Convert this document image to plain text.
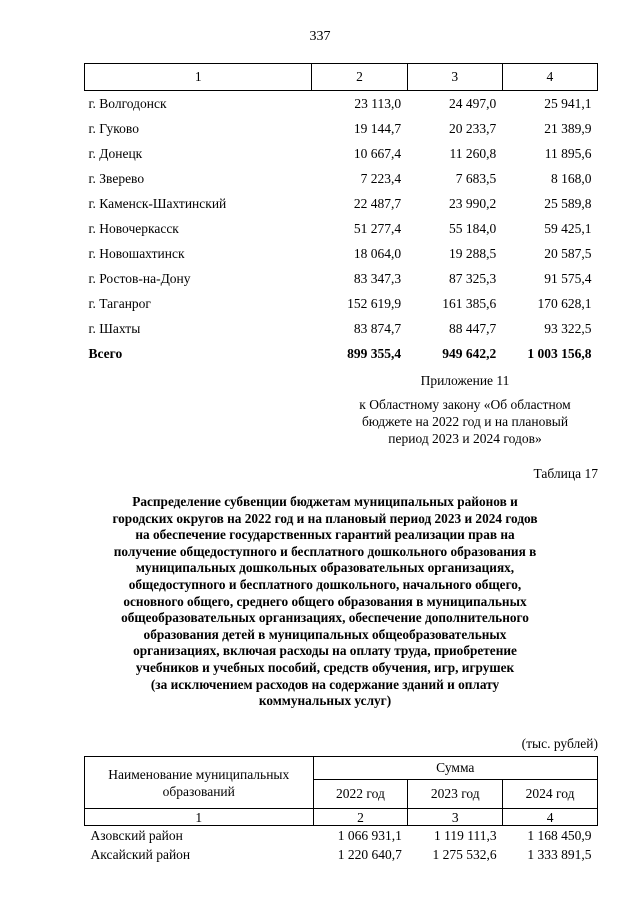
337
1	2	3	4
г. Волгодонск	23 113,0	24 497,0	25 941,1
г. Гуково	19 144,7	20 233,7	21 389,9
г. Донецк	10 667,4	11 260,8	11 895,6
г. Зверево	7 223,4	7 683,5	8 168,0
г. Каменск-Шахтинский	22 487,7	23 990,2	25 589,8
г. Новочеркасск	51 277,4	55 184,0	59 425,1
г. Новошахтинск	18 064,0	19 288,5	20 587,5
г. Ростов-на-Дону	83 347,3	87 325,3	91 575,4
г. Таганрог	152 619,9	161 385,6	170 628,1
г. Шахты	83 874,7	88 447,7	93 322,5
Всего	899 355,4	949 642,2	1 003 156,8
Приложение 11
к Областному закону «Об областном
бюджете на 2022 год и на плановый
период 2023 и 2024 годов»
Таблица 17
Распределение субвенции бюджетам муниципальных районов и
городских округов на 2022 год и на плановый период 2023 и 2024 годов
на обеспечение государственных гарантий реализации прав на
получение общедоступного и бесплатного дошкольного образования в
муниципальных дошкольных образовательных организациях,
общедоступного и бесплатного дошкольного, начального общего,
основного общего, среднего общего образования в муниципальных
общеобразовательных организациях, обеспечение дополнительного
образования детей в муниципальных общеобразовательных
организациях, включая расходы на оплату труда, приобретение
учебников и учебных пособий, средств обучения, игр, игрушек
(за исключением расходов на содержание зданий и оплату
коммунальных услуг)
(тыс. рублей)
Наименование муниципальных образований	Сумма		
	2022 год	2023 год	2024 год
1	2	3	4
Азовский район	1 066 931,1	1 119 111,3	1 168 450,9
Аксайский район	1 220 640,7	1 275 532,6	1 333 891,5
